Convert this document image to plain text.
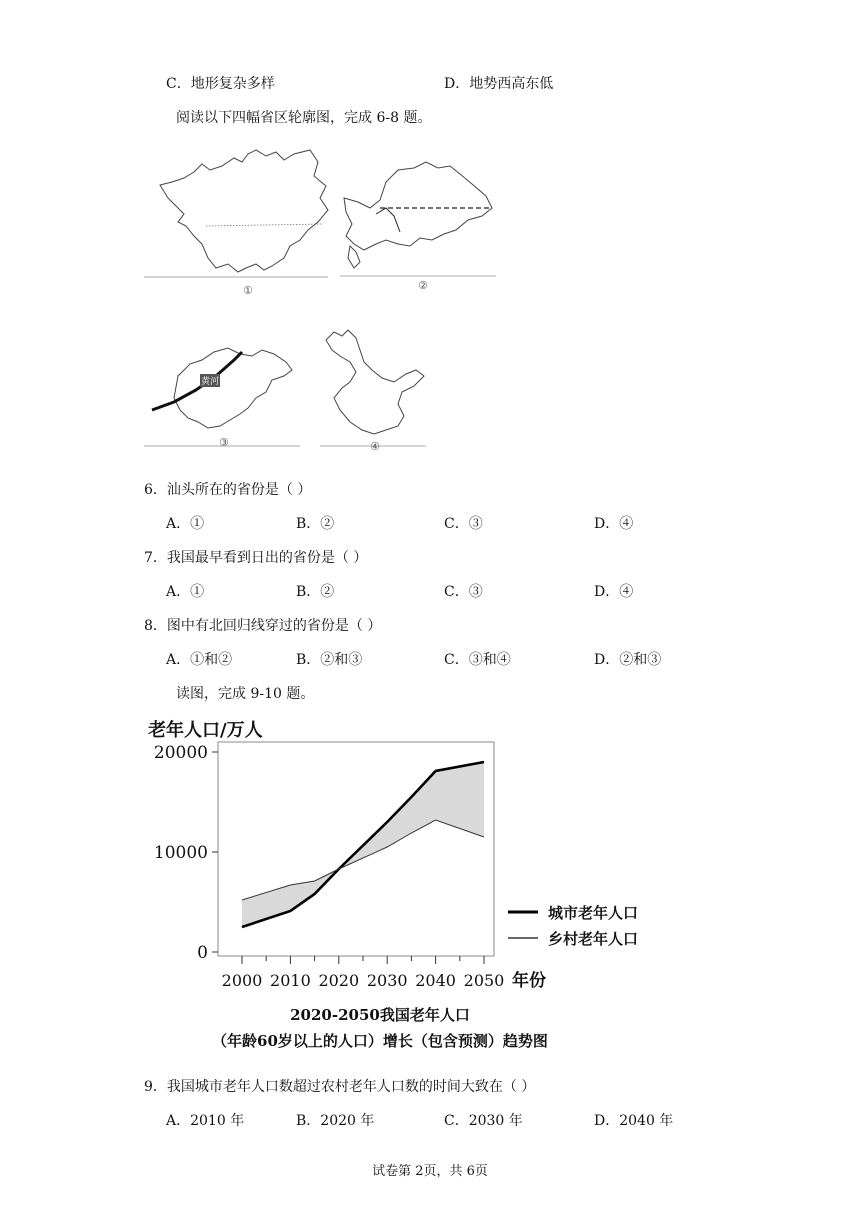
C．地形复杂多样	D．地势西高东低
阅读以下四幅省区轮廓图，完成 6-8 题。
①	②
黄河
③	④
6．汕头所在的省份是（ ）
A．①	B．②	C．③	D．④
7．我国最早看到日出的省份是（ ）
A．①	B．②	C．③	D．④
8．图中有北回归线穿过的省份是（ ）
A．①和②	B．②和③	C．③和④	D．②和③
读图，完成 9-10 题。
老年人口/万人
0
10000
20000
2000 2010 2020 2030 2040 2050 年份
城市老年人口
乡村老年人口
2020-2050我国老年人口
（年龄60岁以上的人口）增长（包含预测）趋势图
9．我国城市老年人口数超过农村老年人口数的时间大致在（ ）
A．2010 年	B．2020 年	C．2030 年	D．2040 年
试卷第 2页，共 6页
